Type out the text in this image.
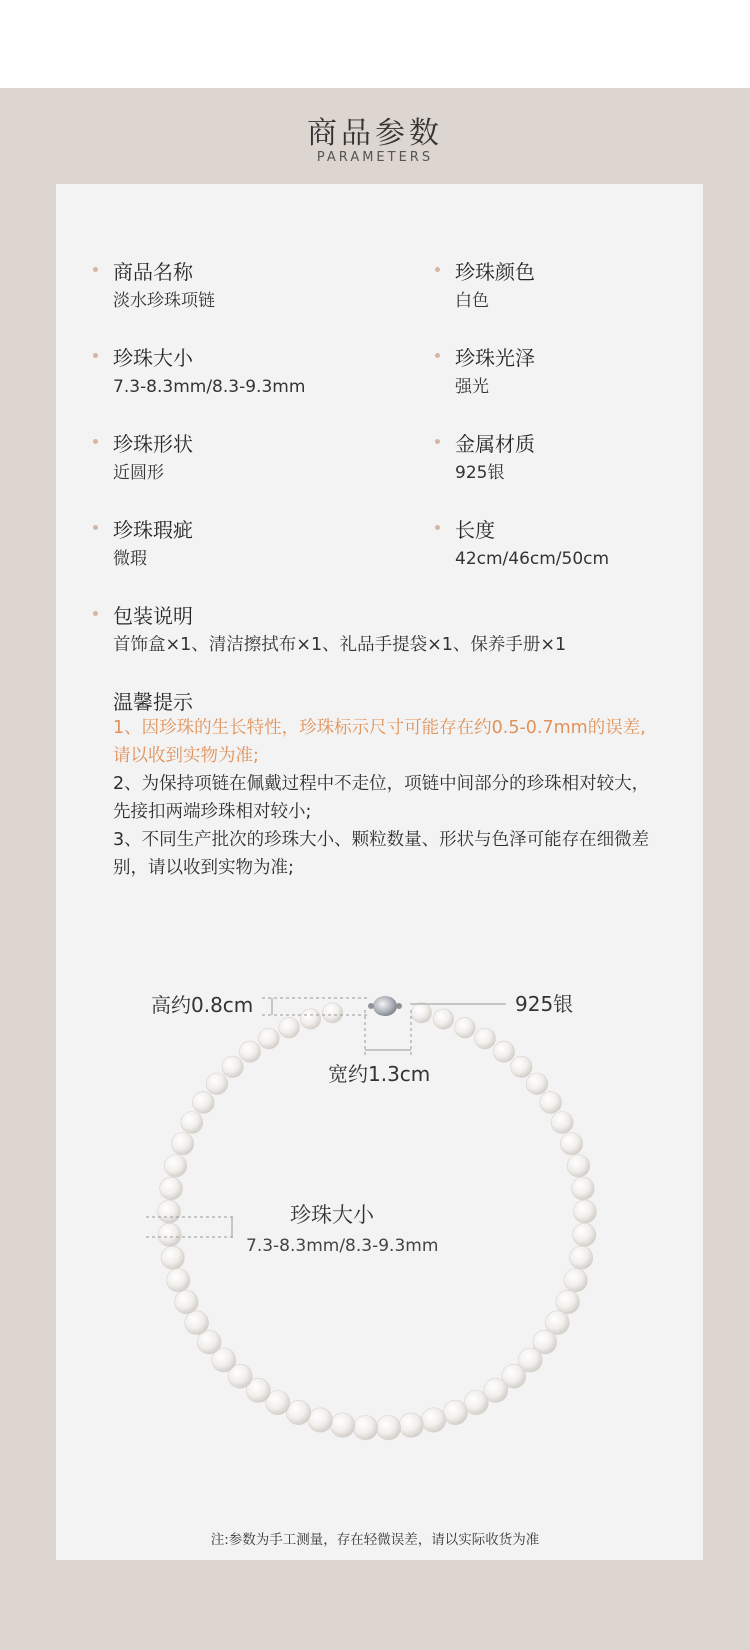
商品参数
PARAMETERS
商品名称
淡水珍珠项链
珍珠大小
7.3-8.3mm/8.3-9.3mm
珍珠形状
近圆形
珍珠瑕疵
微瑕
珍珠颜色
白色
珍珠光泽
强光
金属材质
925银
长度
42cm/46cm/50cm
包装说明
首饰盒×1、清洁擦拭布×1、礼品手提袋×1、保养手册×1
温馨提示
1、因珍珠的生长特性，珍珠标示尺寸可能存在约0.5-0.7mm的误差,请以收到实物为准;
2、为保持项链在佩戴过程中不走位，项链中间部分的珍珠相对较大，先接扣两端珍珠相对较小;
3、不同生产批次的珍珠大小、颗粒数量、形状与色泽可能存在细微差别，请以收到实物为准;
高约0.8cm	925银
宽约1.3cm
珍珠大小
7.3-8.3mm/8.3-9.3mm
注:参数为手工测量，存在轻微误差，请以实际收货为准
